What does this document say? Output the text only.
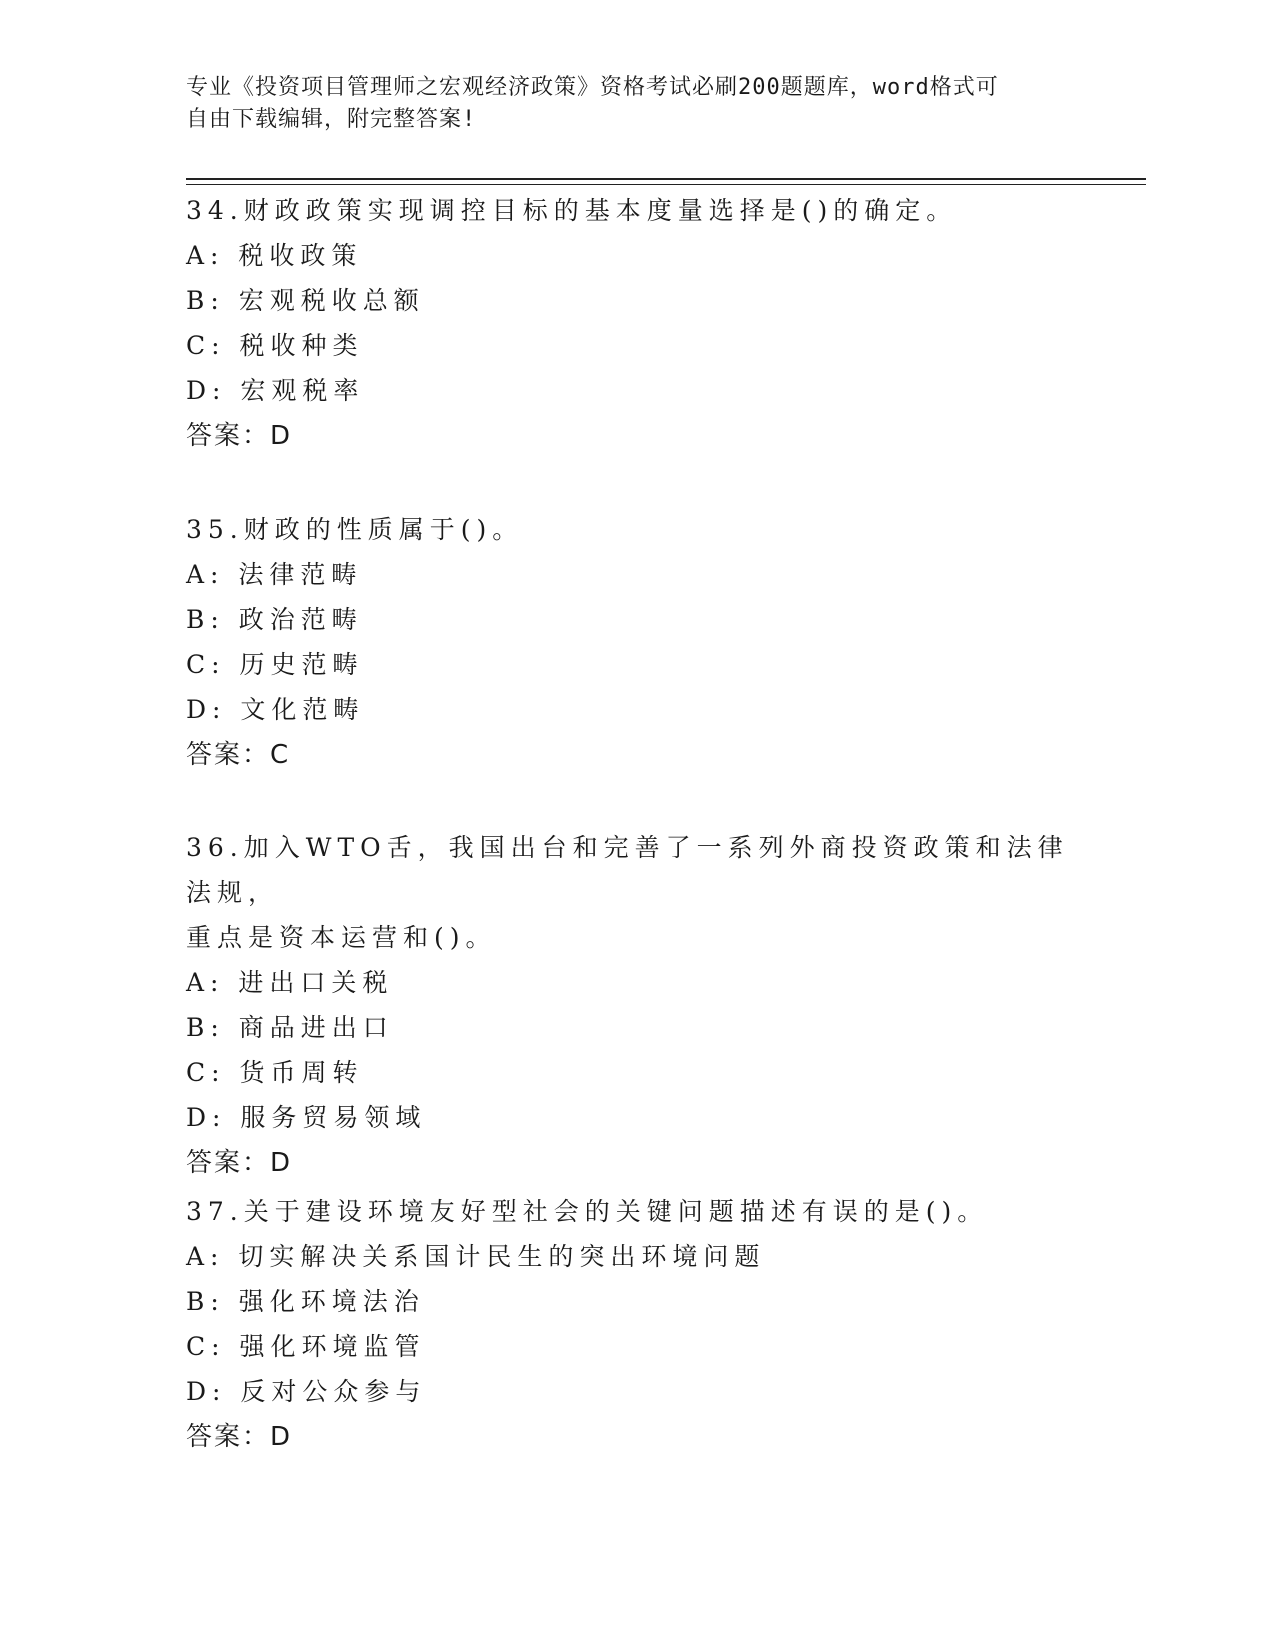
专业《投资项目管理师之宏观经济政策》资格考试必刷200题题库，word格式可
自由下载编辑，附完整答案!

34.财政政策实现调控目标的基本度量选择是()的确定。

A: 税收政策

B: 宏观税收总额

C: 税收种类

D: 宏观税率

答案：D

35.财政的性质属于()。

A: 法律范畴

B: 政治范畴

C: 历史范畴

D: 文化范畴

答案：C

36.加入WTO舌，我国出台和完善了一系列外商投资政策和法律法规，

重点是资本运营和()。

A: 进出口关税

B: 商品进出口

C: 货币周转

D: 服务贸易领域

答案：D

37.关于建设环境友好型社会的关键问题描述有误的是()。

A: 切实解决关系国计民生的突出环境问题

B: 强化环境法治

C: 强化环境监管

D: 反对公众参与

答案：D
